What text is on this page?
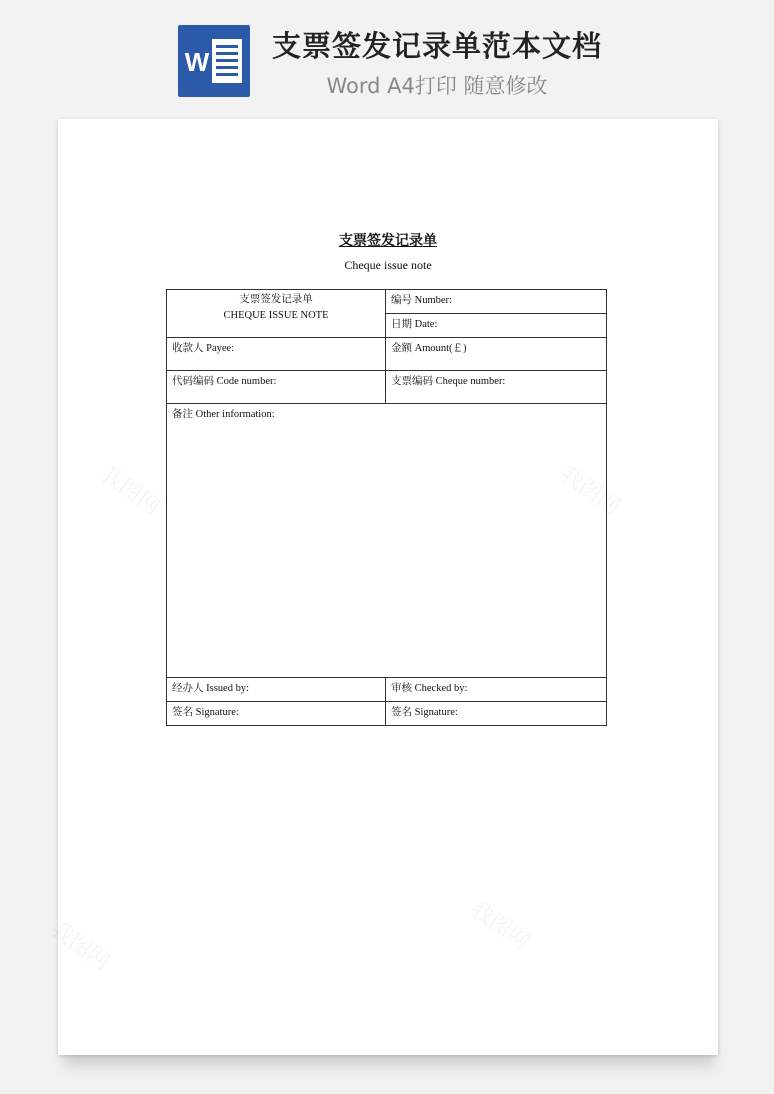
W	支票签发记录单范本文档
Word A4打印 随意修改
支票签发记录单
Cheque issue note
支票签发记录单
CHEQUE ISSUE NOTE	编号 Number:
	日期 Date:
收款人 Payee:	金额 Amount(￡)
代码编码 Code number:	支票编码 Cheque number:
备注 Other information:	
经办人 Issued by:	审核 Checked by:
签名 Signature:	签名 Signature:
